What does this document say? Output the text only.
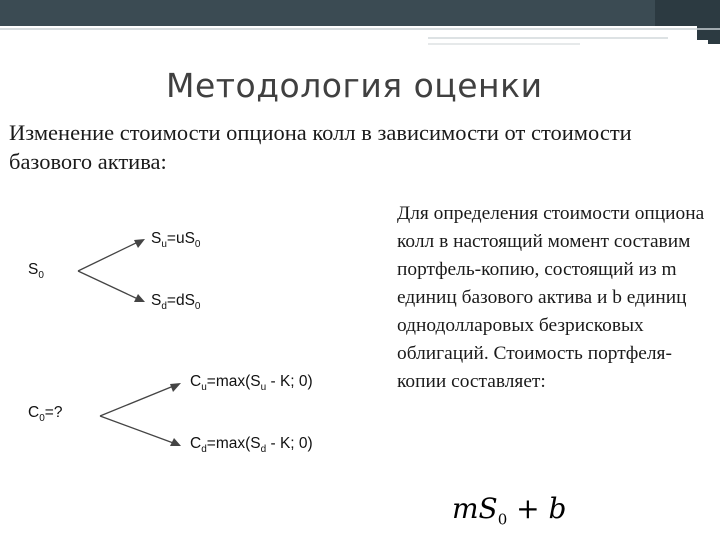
Методология оценки
Изменение стоимости опциона колл в зависимости от стоимости базового актива:
$S_0$
$S_u=uS_0$
$S_d=dS_0$
$C_0=$?
$C_u=\max(S_u - K$; 0)
$C_d=\max(S_d - K$; 0)
Для определения стоимости опциона колл в настоящий момент составим портфель-копию, состоящий из m единиц базового актива и b единиц однодолларовых безрисковых облигаций. Стоимость портфеля-копии составляет:
$mS_0 + b$
